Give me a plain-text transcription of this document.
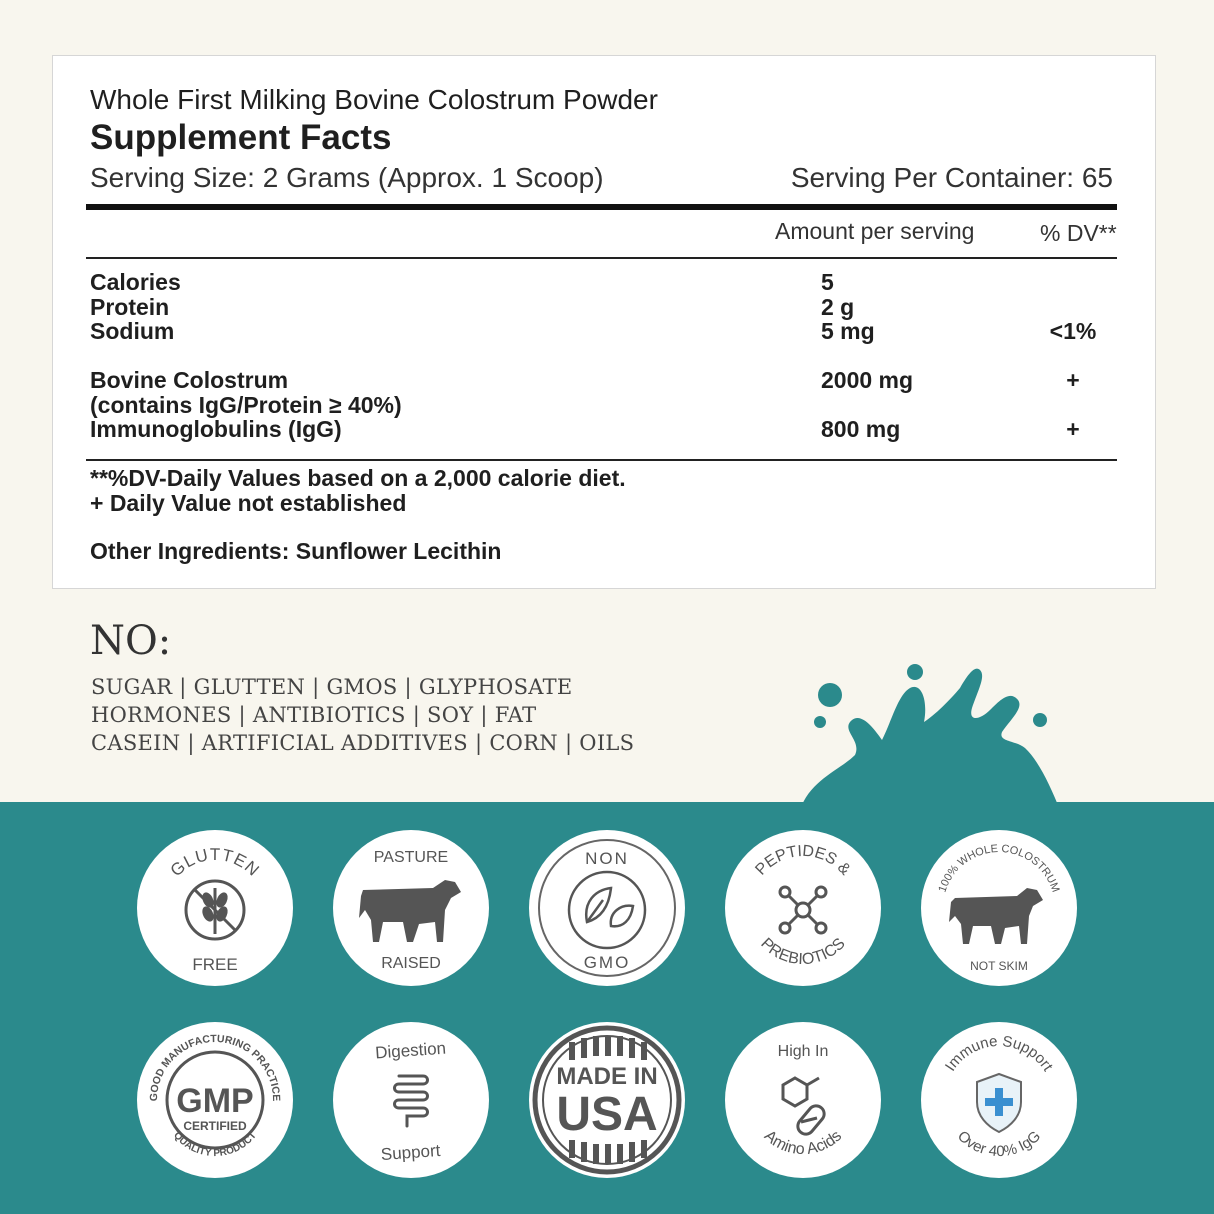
Whole First Milking Bovine Colostrum Powder
Supplement Facts
Serving Size: 2 Grams (Approx. 1 Scoop)	Serving Per Container: 65
Amount per serving	% DV**
Calories	5
Protein	2 g
Sodium	5 mg	<1%
Bovine Colostrum	2000 mg	+
(contains IgG/Protein ≥ 40%)
Immunoglobulins (IgG)	800 mg	+
**%DV-Daily Values based on a 2,000 calorie diet.
+ Daily Value not established
Other Ingredients: Sunflower Lecithin
NO:
SUGAR | GLUTTEN | GMOS | GLYPHOSATE
HORMONES | ANTIBIOTICS | SOY | FAT
CASEIN | ARTIFICIAL ADDITIVES | CORN | OILS
GLUTTEN
FREE
PASTURE
RAISED
NON
GMO
PEPTIDES &
PREBIOTICS
100% WHOLE COLOSTRUM
NOT SKIM
GOOD MANUFACTURING PRACTICE
GMP
CERTIFIED
QUALITY PRODUCT
Digestion
Support
MADE IN
USA
High In
Amino Acids
Immune Support
Over 40% IgG
